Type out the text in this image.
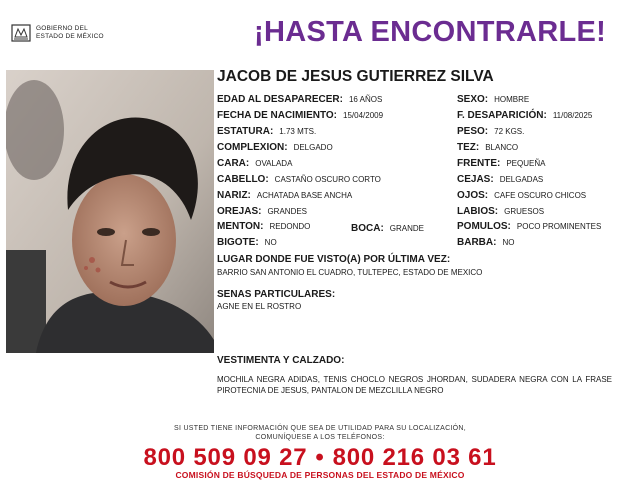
GOBIERNO DEL
ESTADO DE MÉXICO	¡HASTA ENCONTRARLE!
JACOB DE JESUS GUTIERREZ SILVA
EDAD AL DESAPARECER: 16 AÑOS
FECHA DE NACIMIENTO: 15/04/2009
ESTATURA: 1.73 MTS.
COMPLEXION: DELGADO
CARA: OVALADA
CABELLO: CASTAÑO OSCURO CORTO
NARIZ: ACHATADA BASE ANCHA
OREJAS: GRANDES
MENTON: REDONDO
BIGOTE: NO
BOCA: GRANDE
SEXO: HOMBRE
F. DESAPARICIÓN: 11/08/2025
PESO: 72 KGS.
TEZ: BLANCO
FRENTE: PEQUEÑA
CEJAS: DELGADAS
OJOS: CAFE OSCURO CHICOS
LABIOS: GRUESOS
POMULOS: POCO PROMINENTES
BARBA: NO
LUGAR DONDE FUE VISTO(A) POR ÚLTIMA VEZ:
BARRIO SAN ANTONIO EL CUADRO, TULTEPEC, ESTADO DE MEXICO
SENAS PARTICULARES:
AGNE EN EL ROSTRO
VESTIMENTA Y CALZADO:
MOCHILA NEGRA ADIDAS, TENIS CHOCLO NEGROS JHORDAN, SUDADERA NEGRA CON LA FRASE PIROTECNIA DE JESUS, PANTALON DE MEZCLILLA NEGRO
SI USTED TIENE INFORMACIÓN QUE SEA DE UTILIDAD PARA SU LOCALIZACIÓN,
COMUNÍQUESE A LOS TELÉFONOS:
800 509 09 27 • 800 216 03 61
COMISIÓN DE BÚSQUEDA DE PERSONAS DEL ESTADO DE MÉXICO
